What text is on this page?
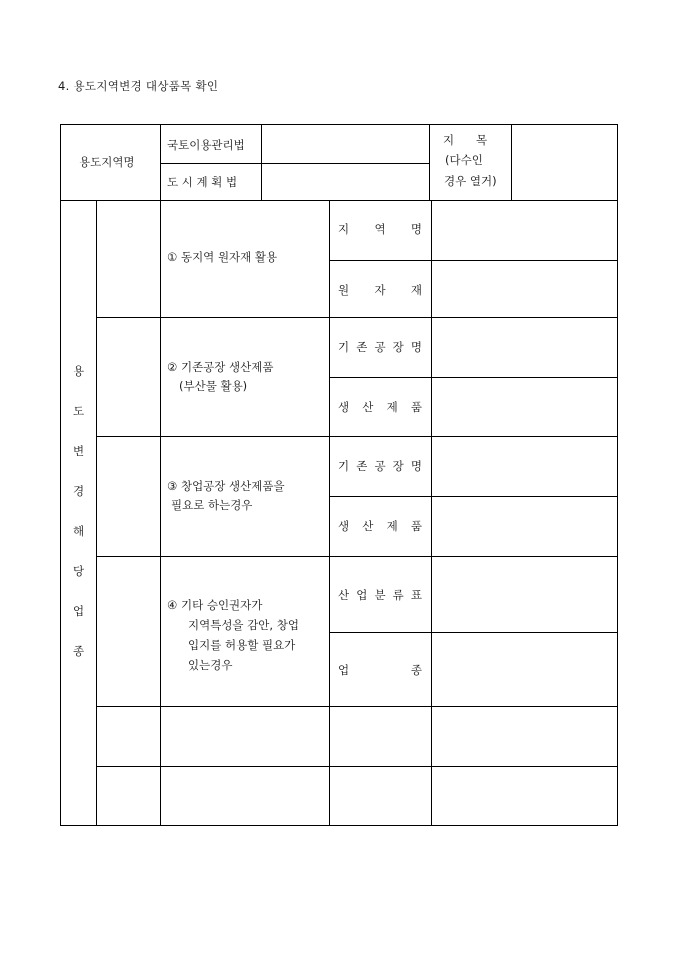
4. 용도지역변경 대상품목 확인
용도지역명
국토이용관리법
도 시 계 획 법
지      목
(다수인
경우 열거)
용
도
변
경
해
당
업
종
① 동지역 원자재 활용
지 역 명
원 자 재
② 기존공장 생산제품
(부산물 활용)
기 존 공 장 명
생 산 제 품
③ 창업공장 생산제품을
필요로 하는경우
기 존 공 장 명
생 산 제 품
④ 기타 승인권자가
지역특성을 감안, 창업
입지를 허용할 필요가
있는경우
산 업 분 류 표
업	종
